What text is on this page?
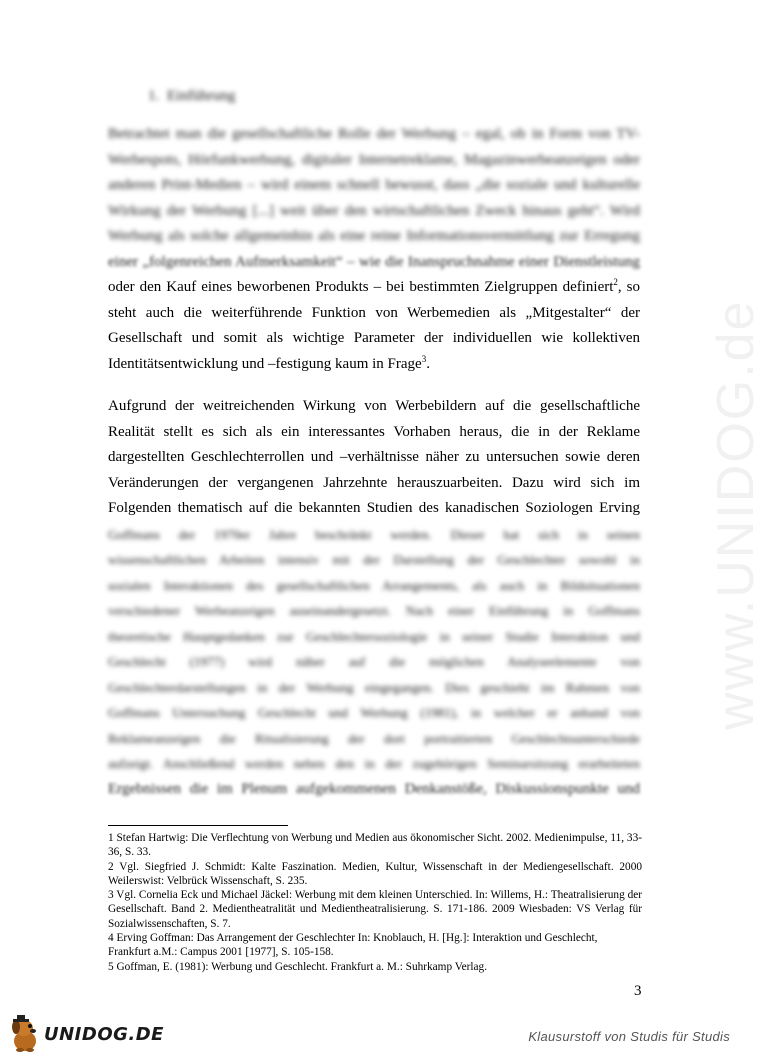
www.UNIDOG.de
1. Einführung
Betrachtet man die gesellschaftliche Rolle der Werbung – egal, ob in Form von TV-
Werbespots, Hörfunkwerbung, digitaler Internetreklame, Magazinwerbeanzeigen oder
anderen Print-Medien – wird einem schnell bewusst, dass „die soziale und kulturelle
Wirkung der Werbung [...] weit über den wirtschaftlichen Zweck hinaus geht“. Wird
Werbung als solche allgemeinhin als eine reine Informationsvermittlung zur Erregung
einer „folgenreichen Aufmerksamkeit“ – wie die Inanspruchnahme einer Dienstleistung
oder den Kauf eines beworbenen Produkts – bei bestimmten Zielgruppen definiert$^2$, so
steht auch die weiterführende Funktion von Werbemedien als „Mitgestalter“ der
Gesellschaft und somit als wichtige Parameter der individuellen wie kollektiven
Identitätsentwicklung und –festigung kaum in Frage$^3$.
Aufgrund der weitreichenden Wirkung von Werbebildern auf die gesellschaftliche
Realität stellt es sich als ein interessantes Vorhaben heraus, die in der Reklame
dargestellten Geschlechterrollen und –verhältnisse näher zu untersuchen sowie deren
Veränderungen der vergangenen Jahrzehnte herauszuarbeiten. Dazu wird sich im
Folgenden thematisch auf die bekannten Studien des kanadischen Soziologen Erving
Goffmans der 1970er Jahre beschränkt werden. Dieser hat sich in seinen
wissenschaftlichen Arbeiten intensiv mit der Darstellung der Geschlechter sowohl in
sozialen Interaktionen des gesellschaftlichen Arrangements, als auch in Bildsituationen
verschiedener Werbeanzeigen auseinandergesetzt. Nach einer Einführung in Goffmans
theoretische Hauptgedanken zur Geschlechtersoziologie in seiner Studie Interaktion und
Geschlecht (1977) wird näher auf die möglichen Analyseelemente von
Geschlechterdarstellungen in der Werbung eingegangen. Dies geschieht im Rahmen von
Goffmans Untersuchung Geschlecht und Werbung (1981), in welcher er anhand von
Reklameanzeigen die Ritualisierung der dort portraitierten Geschlechtsunterschiede
aufzeigt. Anschließend werden neben den in der zugehörigen Seminarsitzung erarbeiteten
Ergebnissen die im Plenum aufgekommenen Denkanstöße, Diskussionspunkte und
1 Stefan Hartwig: Die Verflechtung von Werbung und Medien aus ökonomischer Sicht. 2002. Medienimpulse, 11, 33-36, S. 33.
2 Vgl. Siegfried J. Schmidt: Kalte Faszination. Medien, Kultur, Wissenschaft in der Mediengesellschaft. 2000 Weilerswist: Velbrück Wissenschaft, S. 235.
3 Vgl. Cornelia Eck und Michael Jäckel: Werbung mit dem kleinen Unterschied. In: Willems, H.: Theatralisierung der Gesellschaft. Band 2. Medientheatralität und Medientheatralisierung. S. 171-186. 2009 Wiesbaden: VS Verlag für Sozialwissenschaften, S. 7.
4 Erving Goffman: Das Arrangement der Geschlechter In: Knoblauch, H. [Hg.]: Interaktion und Geschlecht, Frankfurt a.M.: Campus 2001 [1977], S. 105-158.
5 Goffman, E. (1981): Werbung und Geschlecht. Frankfurt a. M.: Suhrkamp Verlag.
3
UNIDOG.DE	Klausurstoff von Studis für Studis
